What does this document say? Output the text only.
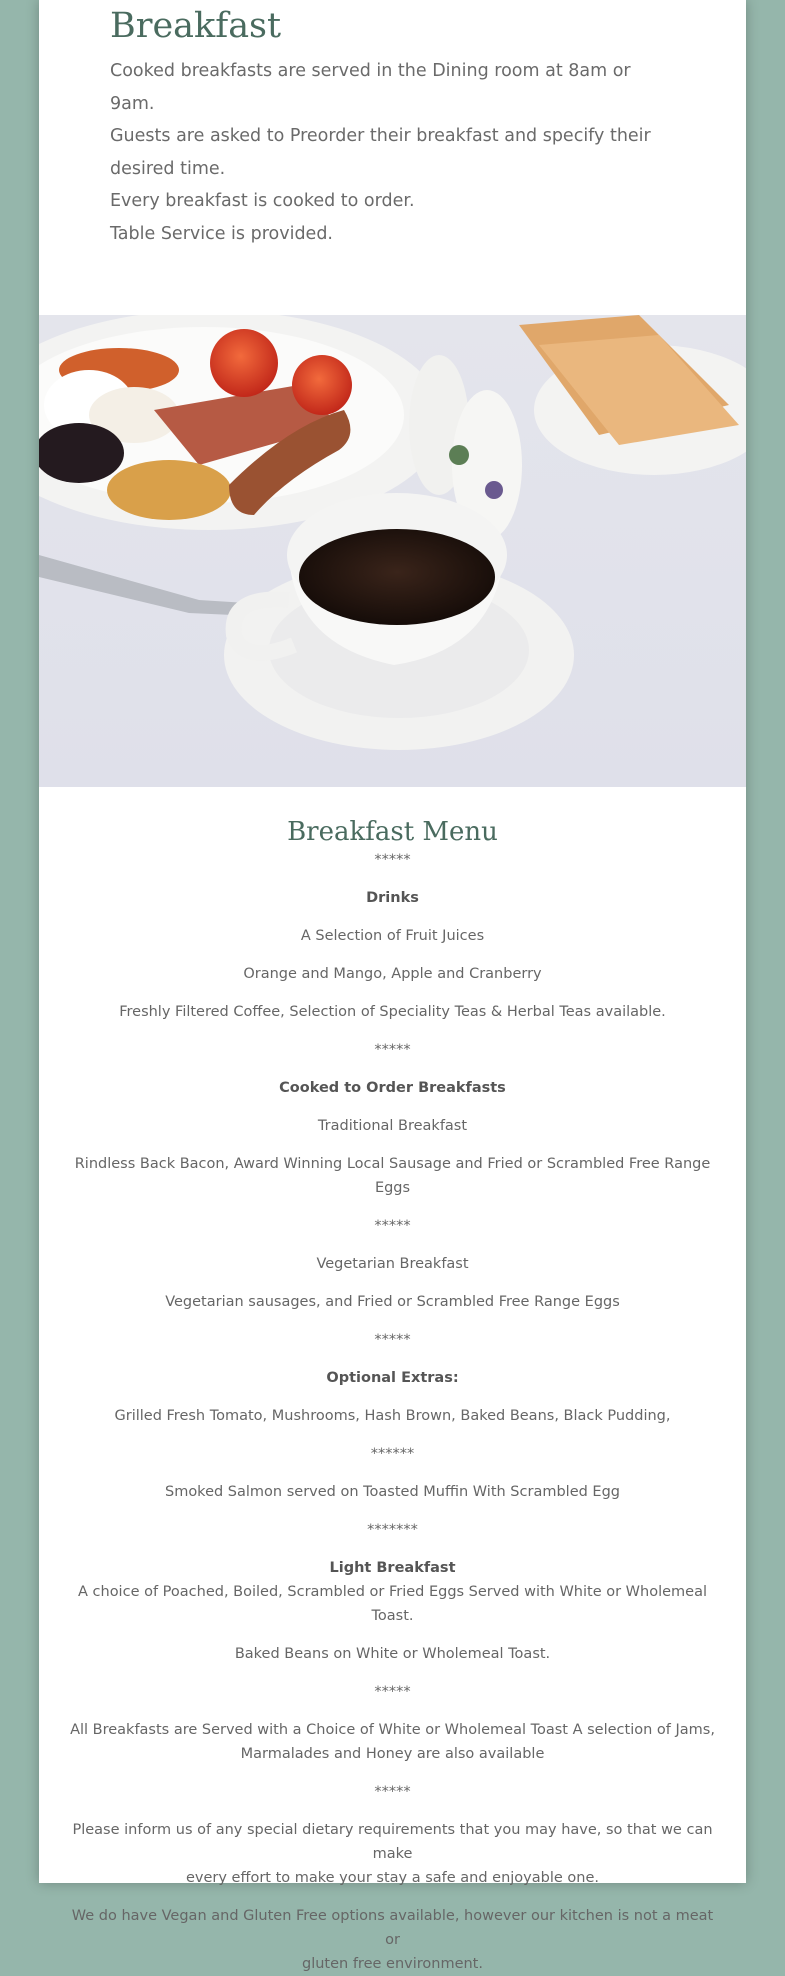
Breakfast

Cooked breakfasts are served in the Dining room at 8am or 9am.

Guests are asked to Preorder their breakfast and specify their

desired time.

Every breakfast is cooked to order.

Table Service is provided.

Breakfast Menu

*****

Drinks

A Selection of Fruit Juices

Orange and Mango, Apple and Cranberry

Freshly Filtered Coffee, Selection of Speciality Teas & Herbal Teas available.

*****

Cooked to Order Breakfasts

Traditional Breakfast

Rindless Back Bacon, Award Winning Local Sausage and Fried or Scrambled Free Range Eggs

*****

Vegetarian Breakfast

Vegetarian sausages, and Fried or Scrambled Free Range Eggs

*****

Optional Extras:

Grilled Fresh Tomato, Mushrooms, Hash Brown, Baked Beans, Black Pudding,

******

Smoked Salmon served on Toasted Muffin With Scrambled Egg

*******

Light Breakfast

A choice of Poached, Boiled, Scrambled or Fried Eggs Served with White or Wholemeal Toast.

Baked Beans on White or Wholemeal Toast.

*****

All Breakfasts are Served with a Choice of White or Wholemeal Toast A selection of Jams,

Marmalades and Honey are also available

*****

Please inform us of any special dietary requirements that you may have, so that we can make

every effort to make your stay a safe and enjoyable one.

We do have Vegan and Gluten Free options available, however our kitchen is not a meat or

gluten free environment.
